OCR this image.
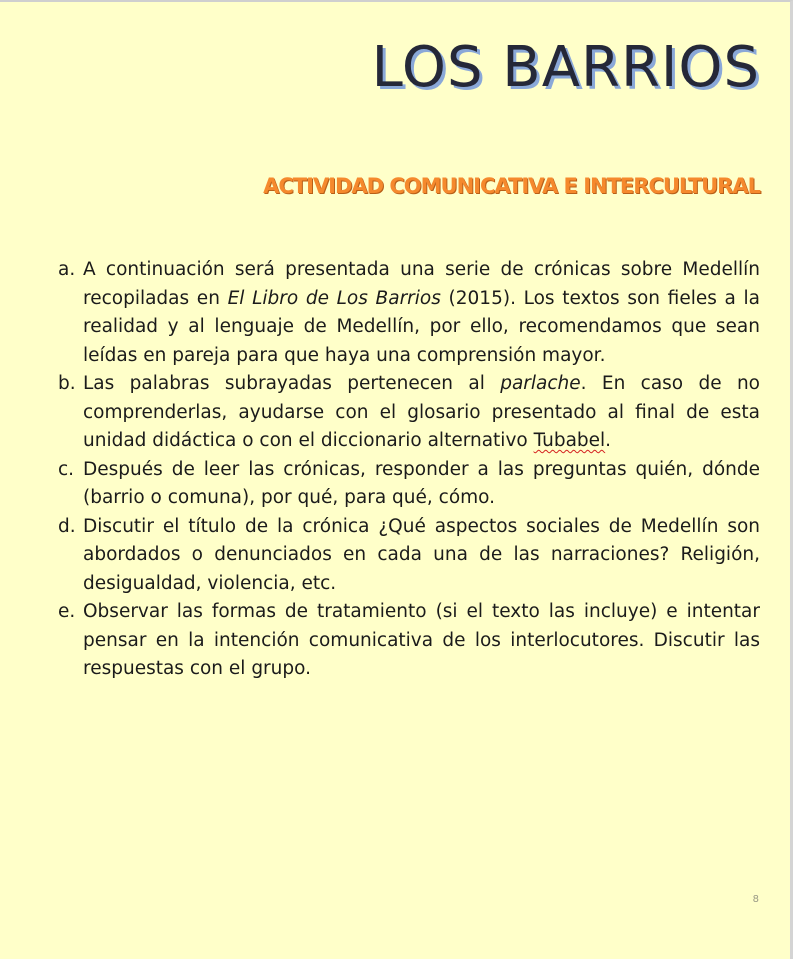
LOS BARRIOS
ACTIVIDAD COMUNICATIVA E INTERCULTURAL
a. A continuación será presentada una serie de crónicas sobre Medellín recopiladas en El Libro de Los Barrios (2015). Los textos son fieles a la realidad y al lenguaje de Medellín, por ello, recomendamos que sean leídas en pareja para que haya una comprensión mayor.
b. Las palabras subrayadas pertenecen al parlache. En caso de no comprenderlas, ayudarse con el glosario presentado al final de esta unidad didáctica o con el diccionario alternativo Tubabel.
c. Después de leer las crónicas, responder a las preguntas quién, dónde (barrio o comuna), por qué, para qué, cómo.
d. Discutir el título de la crónica ¿Qué aspectos sociales de Medellín son abordados o denunciados en cada una de las narraciones? Religión, desigualdad, violencia, etc.
e. Observar las formas de tratamiento (si el texto las incluye) e intentar pensar en la intención comunicativa de los interlocutores. Discutir las respuestas con el grupo.
8
